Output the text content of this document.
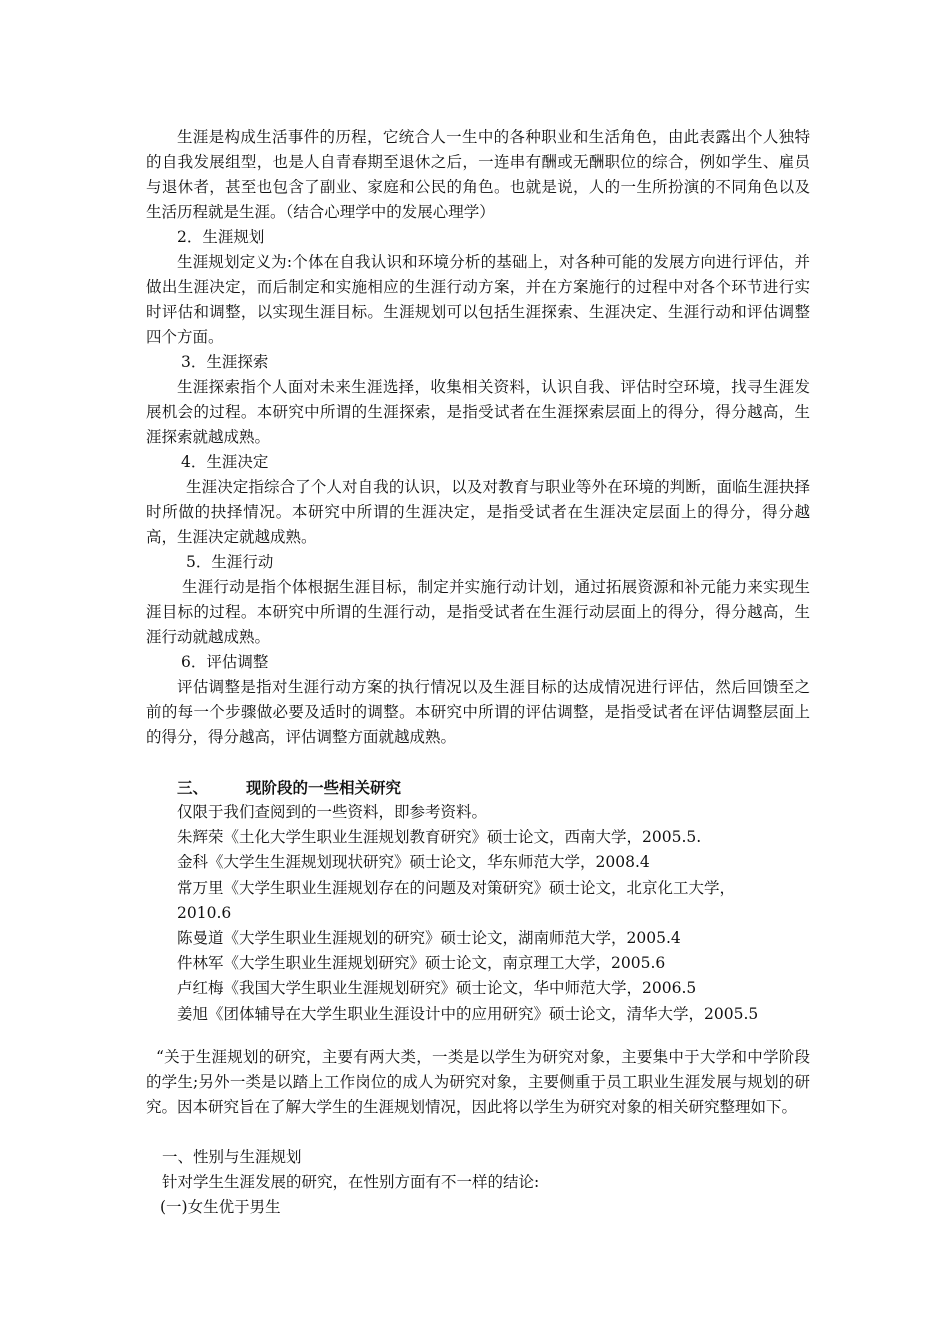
生涯是构成生活事件的历程，它统合人一生中的各种职业和生活角色，由此表露出个人独特的自我发展组型，也是人自青春期至退休之后，一连串有酬或无酬职位的综合，例如学生、雇员与退休者，甚至也包含了副业、家庭和公民的角色。也就是说，人的一生所扮演的不同角色以及生活历程就是生涯。（结合心理学中的发展心理学）

2．生涯规划

生涯规划定义为:个体在自我认识和环境分析的基础上，对各种可能的发展方向进行评估，并做出生涯决定，而后制定和实施相应的生涯行动方案，并在方案施行的过程中对各个环节进行实时评估和调整，以实现生涯目标。生涯规划可以包括生涯探索、生涯决定、生涯行动和评估调整四个方面。

3．生涯探索

生涯探索指个人面对未来生涯选择，收集相关资料，认识自我、评估时空环境，找寻生涯发展机会的过程。本研究中所谓的生涯探索，是指受试者在生涯探索层面上的得分，得分越高，生涯探索就越成熟。

4．生涯决定

生涯决定指综合了个人对自我的认识，以及对教育与职业等外在环境的判断，面临生涯抉择时所做的抉择情况。本研究中所谓的生涯决定，是指受试者在生涯决定层面上的得分，得分越高，生涯决定就越成熟。

5．生涯行动

生涯行动是指个体根据生涯目标，制定并实施行动计划，通过拓展资源和补元能力来实现生涯目标的过程。本研究中所谓的生涯行动，是指受试者在生涯行动层面上的得分，得分越高，生涯行动就越成熟。

6．评估调整

评估调整是指对生涯行动方案的执行情况以及生涯目标的达成情况进行评估，然后回馈至之前的每一个步骤做必要及适时的调整。本研究中所谓的评估调整，是指受试者在评估调整层面上的得分，得分越高，评估调整方面就越成熟。

三、 现阶段的一些相关研究

仅限于我们查阅到的一些资料，即参考资料。
朱辉荣《土化大学生职业生涯规划教育研究》硕士论文，西南大学，2005.5.
金科《大学生生涯规划现状研究》硕士论文，华东师范大学，2008.4
常万里《大学生职业生涯规划存在的问题及对策研究》硕士论文，北京化工大学，2010.6
陈曼道《大学生职业生涯规划的研究》硕士论文，湖南师范大学，2005.4
件林军《大学生职业生涯规划研究》硕士论文，南京理工大学，2005.6
卢红梅《我国大学生职业生涯规划研究》硕士论文，华中师范大学，2006.5
姜旭《团体辅导在大学生职业生涯设计中的应用研究》硕士论文，清华大学，2005.5

“关于生涯规划的研究，主要有两大类，一类是以学生为研究对象，主要集中于大学和中学阶段的学生;另外一类是以踏上工作岗位的成人为研究对象，主要侧重于员工职业生涯发展与规划的研究。因本研究旨在了解大学生的生涯规划情况，因此将以学生为研究对象的相关研究整理如下。

一、性别与生涯规划

针对学生生涯发展的研究，在性别方面有不一样的结论:

(一)女生优于男生
